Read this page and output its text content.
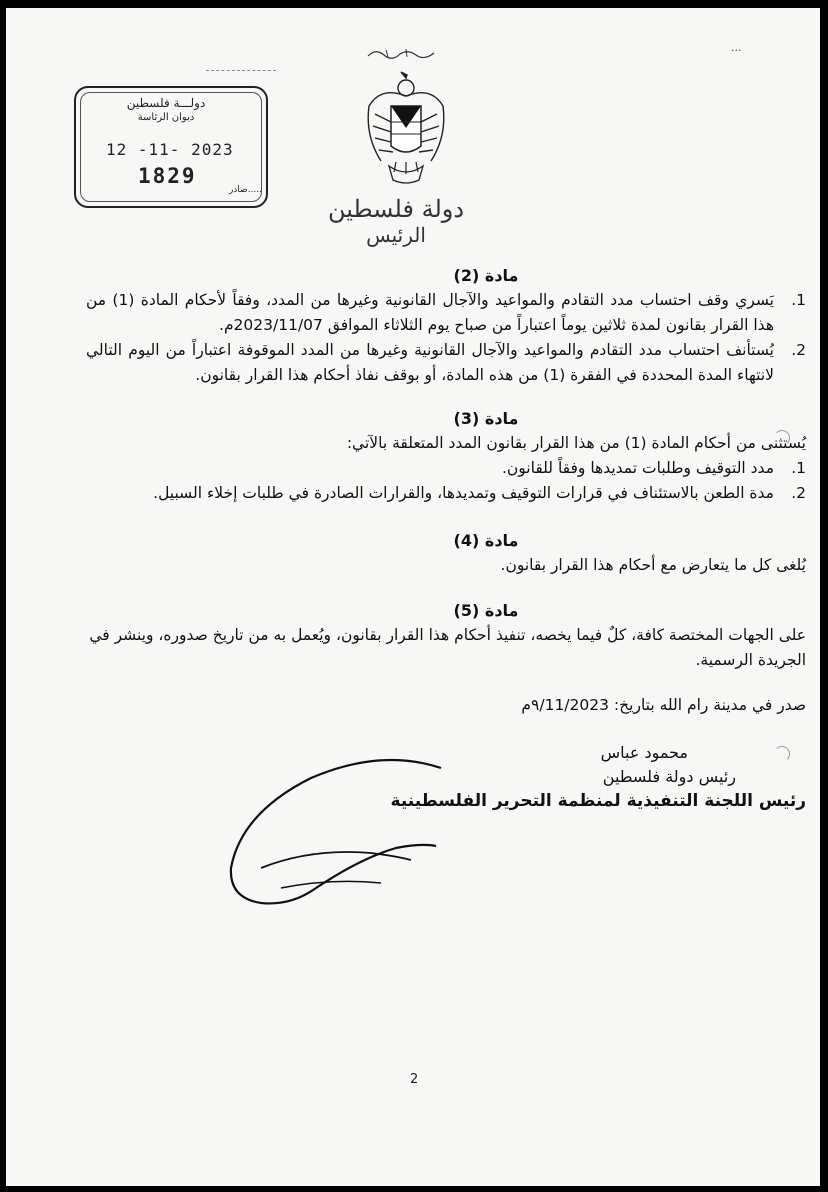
...
دولة فلسطين
الرئيس
دولـــة فلسطين
ديوان الرئاسة
12 -11- 2023
1829
صادر.....
مادة (2)
1.
يَسري وقف احتساب مدد التقادم والمواعيد والآجال القانونية وغيرها من المدد، وفقاً لأحكام المادة (1) من هذا القرار بقانون لمدة ثلاثين يوماً اعتباراً من صباح يوم الثلاثاء الموافق 2023/11/07م.
2.
يُستأنف احتساب مدد التقادم والمواعيد والآجال القانونية وغيرها من المدد الموقوفة اعتباراً من اليوم التالي لانتهاء المدة المحددة في الفقرة (1) من هذه المادة، أو بوقف نفاذ أحكام هذا القرار بقانون.
مادة (3)
يُستثنى من أحكام المادة (1) من هذا القرار بقانون المدد المتعلقة بالآتي:
1.
مدد التوقيف وطلبات تمديدها وفقاً للقانون.
2.
مدة الطعن بالاستئناف في قرارات التوقيف وتمديدها، والقرارات الصادرة في طلبات إخلاء السبيل.
مادة (4)
يُلغى كل ما يتعارض مع أحكام هذا القرار بقانون.
مادة (5)
على الجهات المختصة كافة، كلٌ فيما يخصه، تنفيذ أحكام هذا القرار بقانون، ويُعمل به من تاريخ صدوره، وينشر في الجريدة الرسمية.
صدر في مدينة رام الله بتاريخ: ٩/11/2023م
محمود عباس
رئيس دولة فلسطين
رئيس اللجنة التنفيذية لمنظمة التحرير الفلسطينية
2
